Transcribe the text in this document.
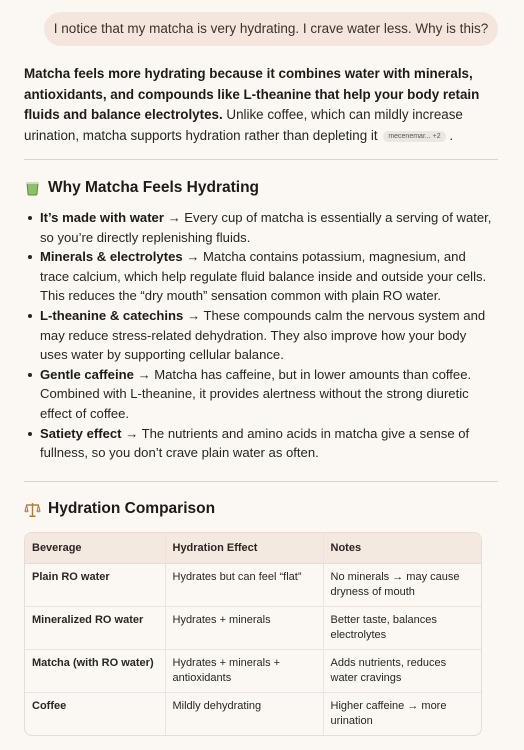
I notice that my matcha is very hydrating. I crave water less. Why is this?

Matcha feels more hydrating because it combines water with minerals, antioxidants, and compounds like L-theanine that help your body retain fluids and balance electrolytes. Unlike coffee, which can mildly increase urination, matcha supports hydration rather than depleting it mecenemar... +2 .

Why Matcha Feels Hydrating
It’s made with water → Every cup of matcha is essentially a serving of water, so you’re directly replenishing fluids.
Minerals & electrolytes → Matcha contains potassium, magnesium, and trace calcium, which help regulate fluid balance inside and outside your cells. This reduces the “dry mouth” sensation common with plain RO water.
L-theanine & catechins → These compounds calm the nervous system and may reduce stress-related dehydration. They also improve how your body uses water by supporting cellular balance.
Gentle caffeine → Matcha has caffeine, but in lower amounts than coffee. Combined with L-theanine, it provides alertness without the strong diuretic effect of coffee.
Satiety effect → The nutrients and amino acids in matcha give a sense of fullness, so you don’t crave plain water as often.
Hydration Comparison
Beverage	Hydration Effect	Notes
Plain RO water	Hydrates but can feel “flat”	No minerals → may cause dryness of mouth
Mineralized RO water	Hydrates + minerals	Better taste, balances electrolytes
Matcha (with RO water)	Hydrates + minerals + antioxidants	Adds nutrients, reduces water cravings
Coffee	Mildly dehydrating	Higher caffeine → more urination
